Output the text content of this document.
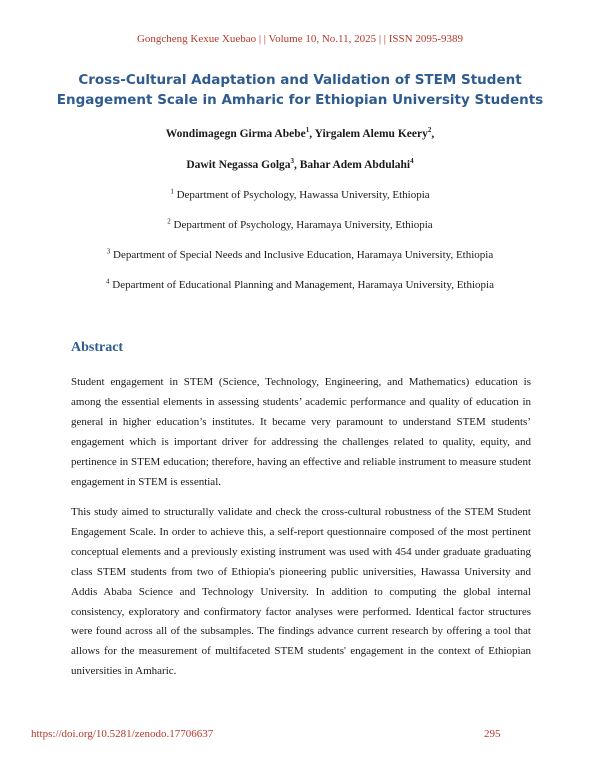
Gongcheng Kexue Xuebao | | Volume 10, No.11, 2025 | | ISSN 2095-9389
Cross-Cultural Adaptation and Validation of STEM Student
Engagement Scale in Amharic for Ethiopian University Students
Wondimagegn Girma Abebe$^1$, Yirgalem Alemu Keery$^2$,
Dawit Negassa Golga$^3$, Bahar Adem Abdulahi$^4$
$^1$ Department of Psychology, Hawassa University, Ethiopia
$^2$ Department of Psychology, Haramaya University, Ethiopia
$^3$ Department of Special Needs and Inclusive Education, Haramaya University, Ethiopia
$^4$ Department of Educational Planning and Management, Haramaya University, Ethiopia
Abstract
Student engagement in STEM (Science, Technology, Engineering, and Mathematics) education is among the essential elements in assessing students’ academic performance and quality of education in general in higher education’s institutes. It became very paramount to understand STEM students’ engagement which is important driver for addressing the challenges related to quality, equity, and pertinence in STEM education; therefore, having an effective and reliable instrument to measure student engagement in STEM is essential.
This study aimed to structurally validate and check the cross-cultural robustness of the STEM Student Engagement Scale. In order to achieve this, a self-report questionnaire composed of the most pertinent conceptual elements and a previously existing instrument was used with 454 under graduate graduating class STEM students from two of Ethiopia's pioneering public universities, Hawassa University and Addis Ababa Science and Technology University. In addition to computing the global internal consistency, exploratory and confirmatory factor analyses were performed. Identical factor structures were found across all of the subsamples. The findings advance current research by offering a tool that allows for the measurement of multifaceted STEM students' engagement in the context of Ethiopian universities in Amharic.
https://doi.org/10.5281/zenodo.17706637	295
